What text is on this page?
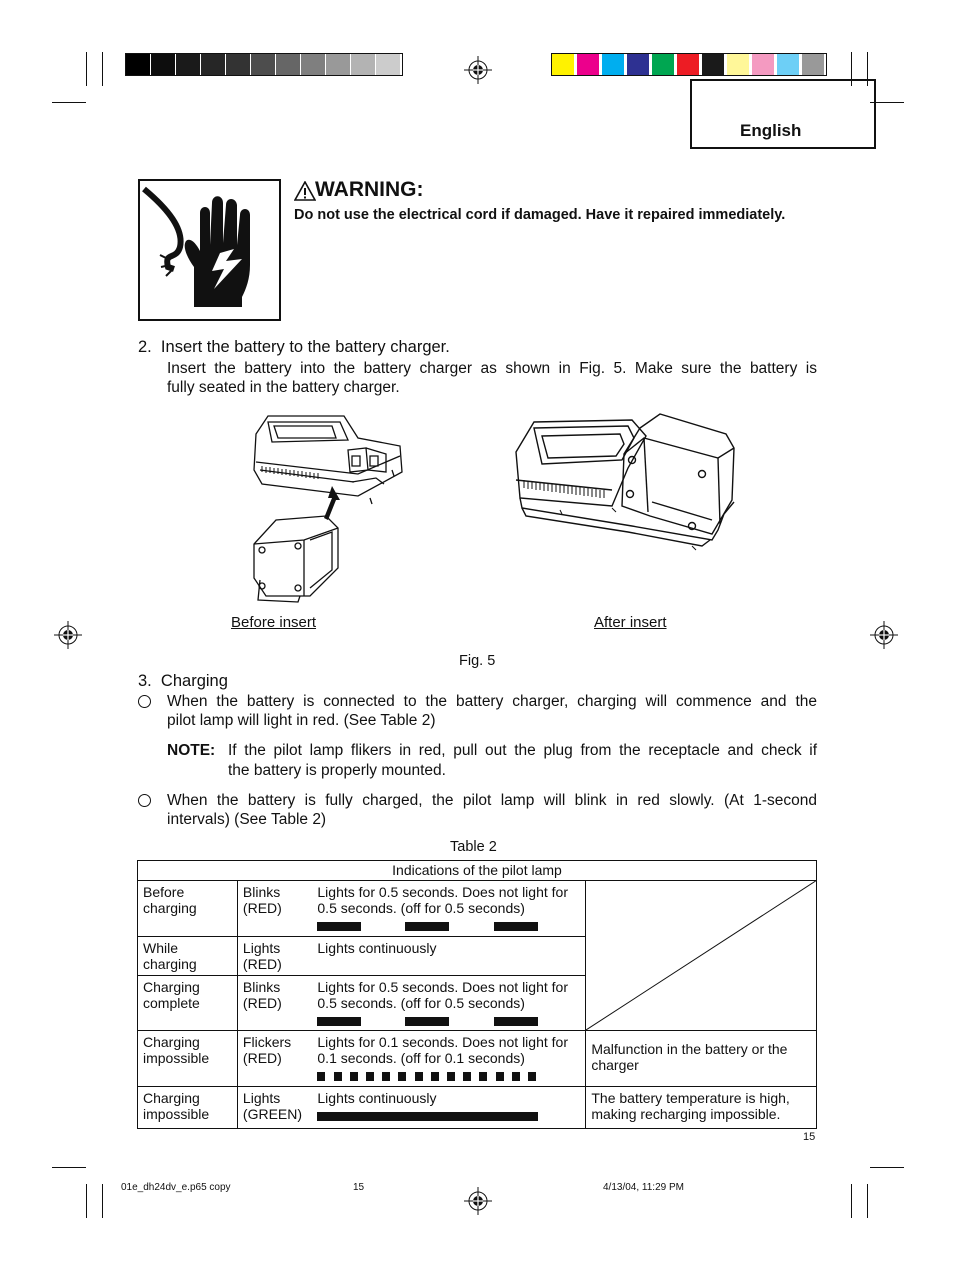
English
WARNING:
Do not use the electrical cord if damaged. Have it repaired immediately.
2.  Insert the battery to the battery charger.
Insert the battery into the battery charger as shown in Fig. 5. Make sure the battery is
fully seated in the battery charger.
Before insert	After insert
Fig. 5
3.  Charging
When the battery is connected to the battery charger, charging will commence and the
pilot lamp will light in red. (See Table 2)
NOTE: If the pilot lamp flikers in red, pull out the plug from the receptacle and check if
the battery is properly mounted.
When the battery is fully charged, the pilot lamp will blink in red slowly. (At 1-second
intervals) (See Table 2)
Table 2
Indications of the pilot lamp			
Before charging	Blinks (RED)	Lights for 0.5 seconds. Does not light for 0.5 seconds. (off for 0.5 seconds)

While charging	Lights (RED)	Lights continuously	

Charging complete	Blinks (RED)	Lights for 0.5 seconds. Does not light for 0.5 seconds. (off for 0.5 seconds)	

Charging impossible	Flickers (RED)	Lights for 0.1 seconds. Does not light for 0.1 seconds. (off for 0.1 seconds)	Malfunction in the battery or the charger
Charging impossible	Lights (GREEN)	Lights continuously	The battery temperature is high, making recharging impossible.
15
01e_dh24dv_e.p65 copy	15	4/13/04, 11:29 PM
